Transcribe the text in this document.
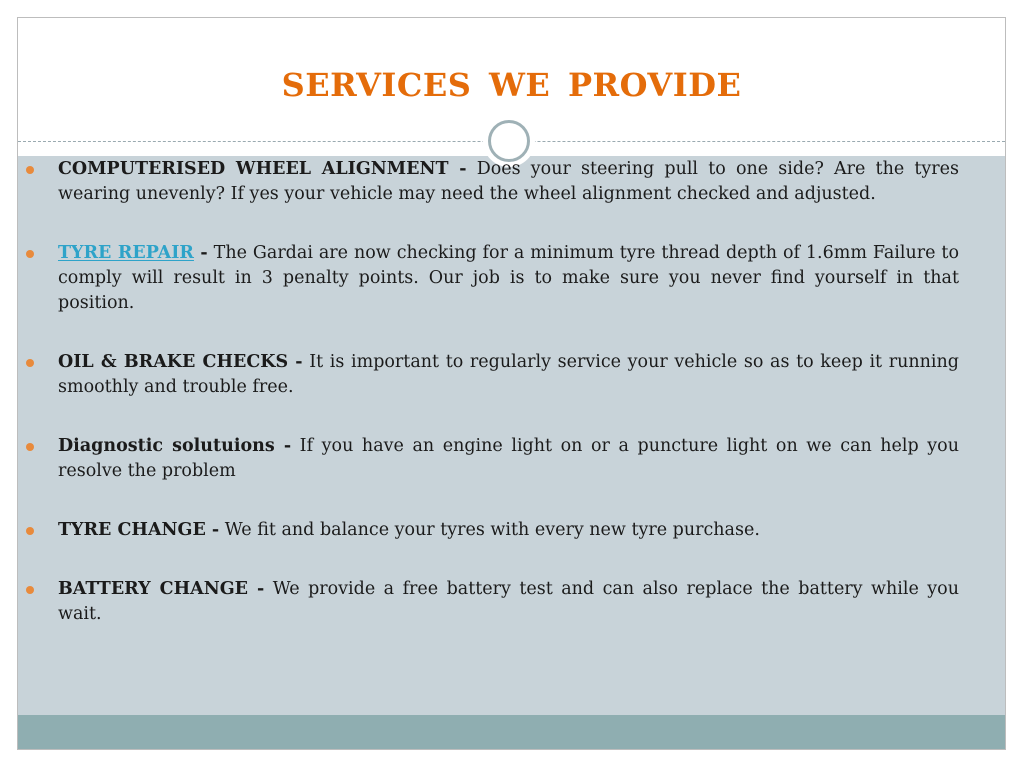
SERVICES WE PROVIDE
COMPUTERISED WHEEL ALIGNMENT - Does your steering pull to one side? Are the tyres wearing unevenly? If yes your vehicle may need the wheel alignment checked and adjusted.
TYRE REPAIR - The Gardai are now checking for a minimum tyre thread depth of 1.6mm Failure to comply will result in 3 penalty points. Our job is to make sure you never find yourself in that position.
OIL & BRAKE CHECKS - It is important to regularly service your vehicle so as to keep it running smoothly and trouble free.
Diagnostic solutuions - If you have an engine light on or a puncture light on we can help you resolve the problem
TYRE CHANGE - We fit and balance your tyres with every new tyre purchase.
BATTERY CHANGE - We provide a free battery test and can also replace the battery while you wait.
